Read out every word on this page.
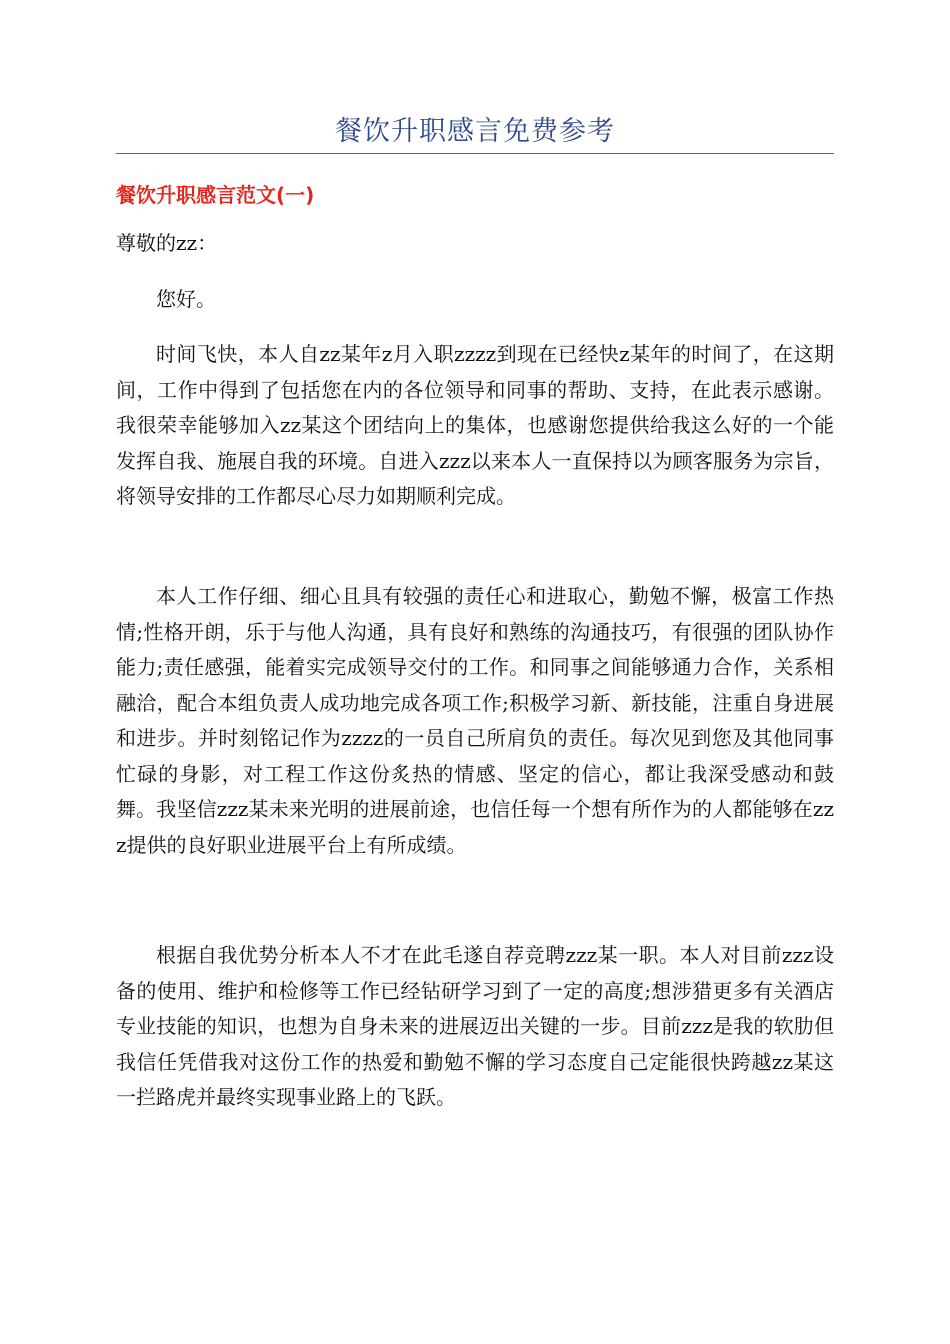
餐饮升职感言免费参考
餐饮升职感言范文(一)
尊敬的zz：

您好。

时间飞快，本人自zz某年z月入职zzzz到现在已经快z某年的时间了，在这期间，工作中得到了包括您在内的各位领导和同事的帮助、支持，在此表示感谢。我很荣幸能够加入zz某这个团结向上的集体，也感谢您提供给我这么好的一个能发挥自我、施展自我的环境。自进入zzz以来本人一直保持以为顾客服务为宗旨，将领导安排的工作都尽心尽力如期顺利完成。

本人工作仔细、细心且具有较强的责任心和进取心，勤勉不懈，极富工作热情;性格开朗，乐于与他人沟通，具有良好和熟练的沟通技巧，有很强的团队协作能力;责任感强，能着实完成领导交付的工作。和同事之间能够通力合作，关系相融洽，配合本组负责人成功地完成各项工作;积极学习新、新技能，注重自身进展和进步。并时刻铭记作为zzzz的一员自己所肩负的责任。每次见到您及其他同事忙碌的身影，对工程工作这份炙热的情感、坚定的信心，都让我深受感动和鼓舞。我坚信zzz某未来光明的进展前途，也信任每一个想有所作为的人都能够在zzz提供的良好职业进展平台上有所成绩。

根据自我优势分析本人不才在此毛遂自荐竞聘zzz某一职。本人对目前zzz设备的使用、维护和检修等工作已经钻研学习到了一定的高度;想涉猎更多有关酒店专业技能的知识，也想为自身未来的进展迈出关键的一步。目前zzz是我的软肋但我信任凭借我对这份工作的热爱和勤勉不懈的学习态度自己定能很快跨越zz某这一拦路虎并最终实现事业路上的飞跃。
